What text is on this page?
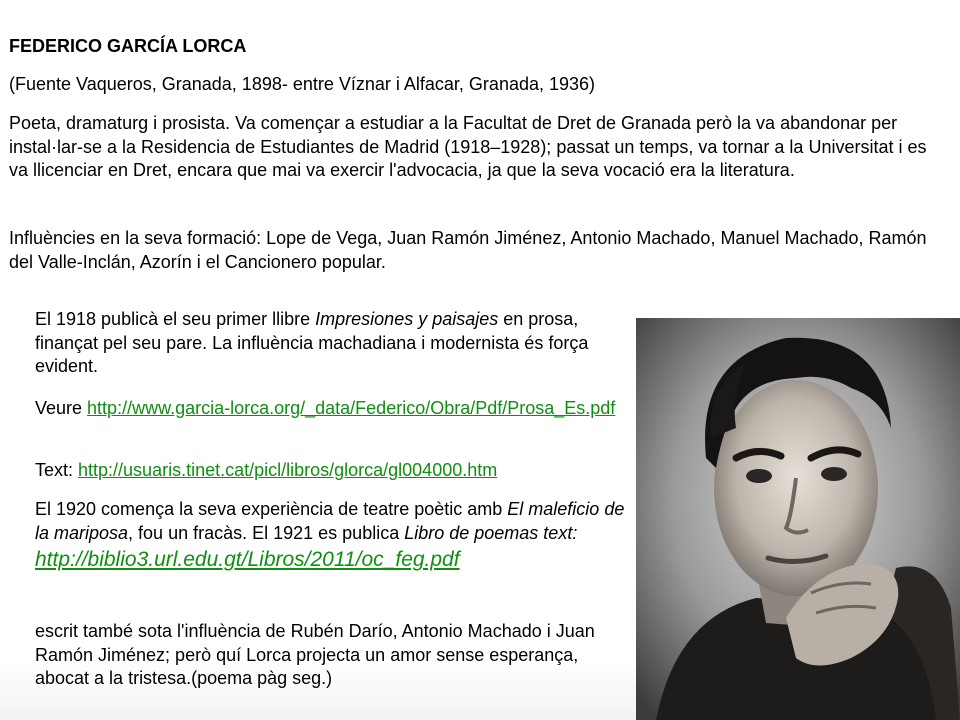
FEDERICO GARCÍA LORCA

(Fuente Vaqueros, Granada, 1898- entre Víznar i Alfacar, Granada, 1936)

Poeta, dramaturg i prosista. Va començar a estudiar a la Facultat de Dret de Granada però la va abandonar per instal·lar-se a la Residencia de Estudiantes de Madrid (1918–1928); passat un temps, va tornar a la Universitat i es va llicenciar en Dret, encara que mai va exercir l'advocacia, ja que la seva vocació era la literatura.

Influències en la seva formació: Lope de Vega, Juan Ramón Jiménez, Antonio Machado, Manuel Machado, Ramón del Valle-Inclán, Azorín i el Cancionero popular.

El 1918 publicà el seu primer llibre Impresiones y paisajes en prosa, finançat pel seu pare. La influència machadiana i modernista és força evident.
Veure http://www.garcia-lorca.org/_data/Federico/Obra/Pdf/Prosa_Es.pdf
Text: http://usuaris.tinet.cat/picl/libros/glorca/gl004000.htm
El 1920 comença la seva experiència de teatre poètic amb El maleficio de la mariposa, fou un fracàs. El 1921 es publica Libro de poemas text:
http://biblio3.url.edu.gt/Libros/2011/oc_feg.pdf
escrit també sota l'influència de Rubén Darío, Antonio Machado i Juan Ramón Jiménez; però quí Lorca projecta un amor sense esperança, abocat a la tristesa.(poema pàg seg.)
